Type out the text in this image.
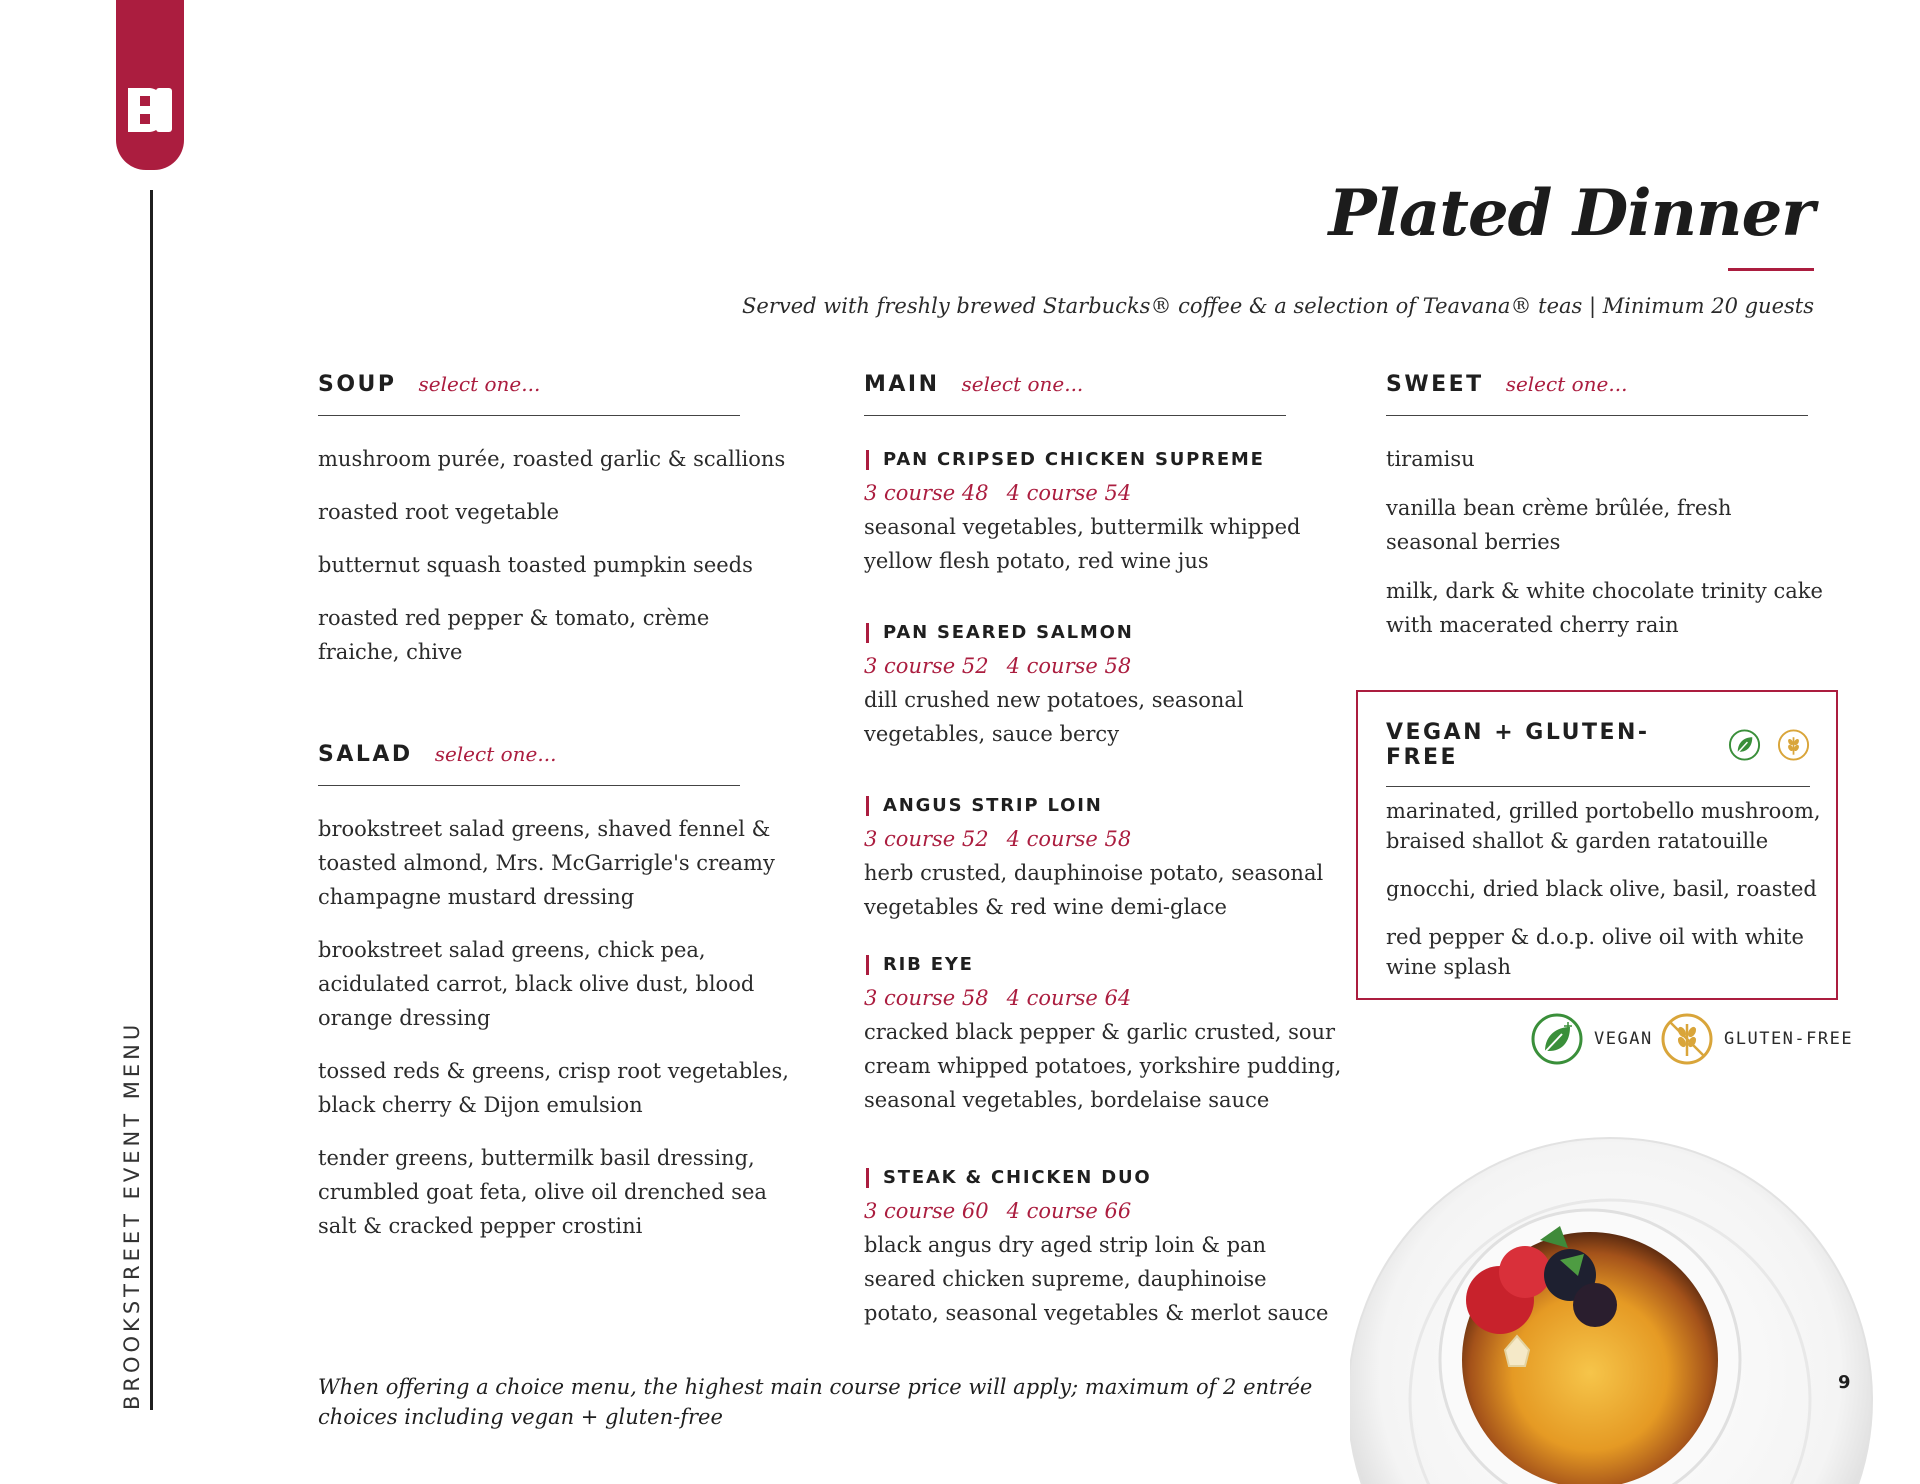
BROOKSTREET EVENT MENU
Plated Dinner
Served with freshly brewed Starbucks® coffee & a selection of Teavana® teas | Minimum 20 guests
SOUP select one...
mushroom purée, roasted garlic & scallions
roasted root vegetable
butternut squash toasted pumpkin seeds
roasted red pepper & tomato, crème fraiche, chive
SALAD select one...
brookstreet salad greens, shaved fennel & toasted almond, Mrs. McGarrigle's creamy champagne mustard dressing
brookstreet salad greens, chick pea, acidulated carrot, black olive dust, blood orange dressing
tossed reds & greens, crisp root vegetables, black cherry & Dijon emulsion
tender greens, buttermilk basil dressing, crumbled goat feta, olive oil drenched sea salt & cracked pepper crostini
MAIN select one...
PAN CRIPSED CHICKEN SUPREME
3 course 48 4 course 54
seasonal vegetables, buttermilk whipped yellow flesh potato, red wine jus
PAN SEARED SALMON
3 course 52 4 course 58
dill crushed new potatoes, seasonal vegetables, sauce bercy
ANGUS STRIP LOIN
3 course 52 4 course 58
herb crusted, dauphinoise potato, seasonal vegetables & red wine demi-glace
RIB EYE
3 course 58 4 course 64
cracked black pepper & garlic crusted, sour cream whipped potatoes, yorkshire pudding, seasonal vegetables, bordelaise sauce
STEAK & CHICKEN DUO
3 course 60 4 course 66
black angus dry aged strip loin & pan seared chicken supreme, dauphinoise potato, seasonal vegetables & merlot sauce
SWEET select one...
tiramisu
vanilla bean crème brûlée, fresh seasonal berries
milk, dark & white chocolate trinity cake with macerated cherry rain
VEGAN + GLUTEN-FREE
marinated, grilled portobello mushroom, braised shallot & garden ratatouille
gnocchi, dried black olive, basil, roasted
red pepper & d.o.p. olive oil with white wine splash
VEGAN	GLUTEN-FREE
When offering a choice menu, the highest main course price will apply; maximum of 2 entrée choices including vegan + gluten-free
9
